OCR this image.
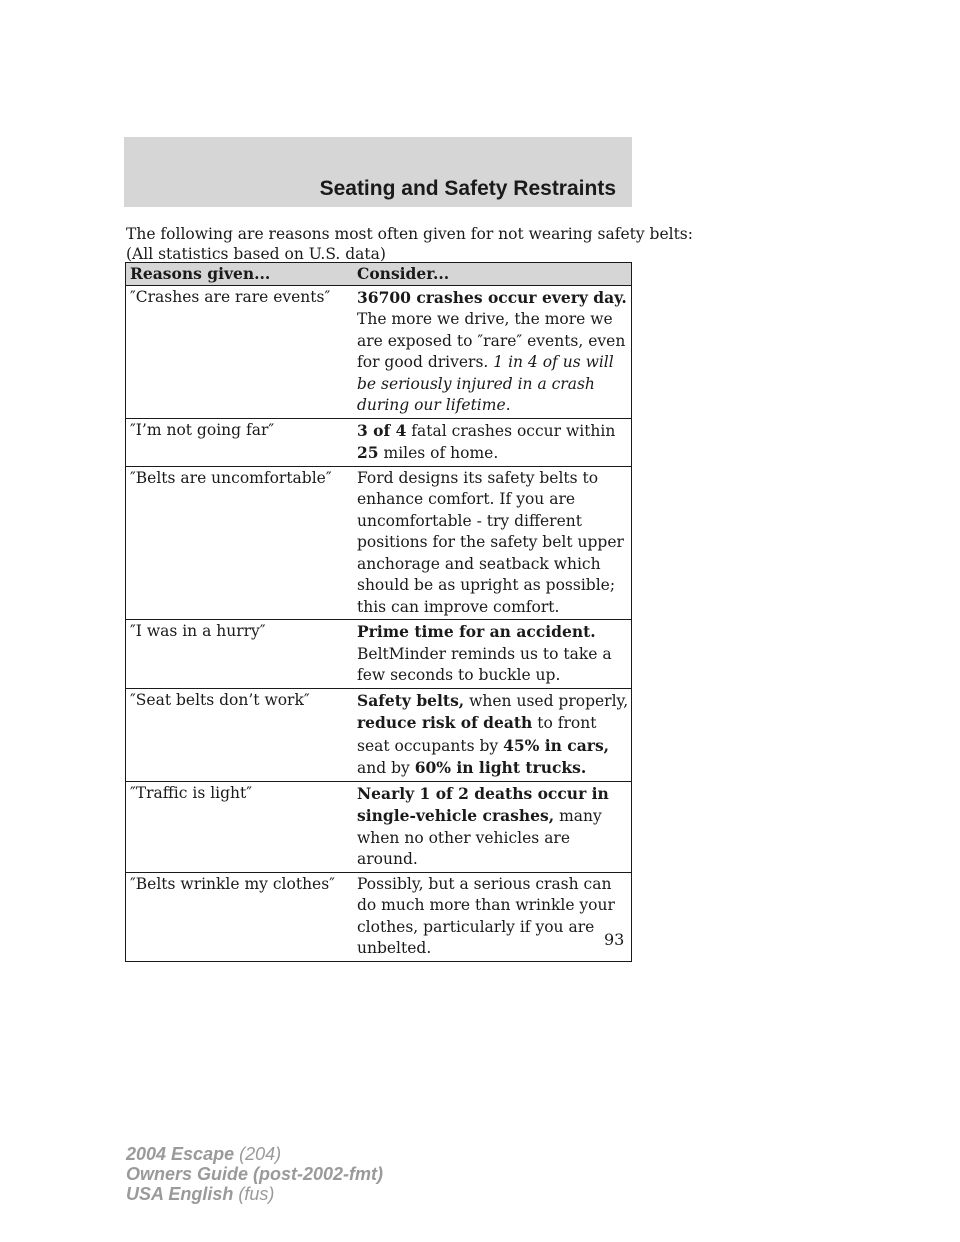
Seating and Safety Restraints
The following are reasons most often given for not wearing safety belts:
(All statistics based on U.S. data)
Reasons given...	Consider...
″Crashes are rare events″	36700 crashes occur every day. The more we drive, the more we are exposed to ″rare″ events, even for good drivers. 1 in 4 of us will be seriously injured in a crash during our lifetime.
″I’m not going far″	3 of 4 fatal crashes occur within 25 miles of home.
″Belts are uncomfortable″	Ford designs its safety belts to enhance comfort. If you are uncomfortable - try different positions for the safety belt upper anchorage and seatback which should be as upright as possible; this can improve comfort.
″I was in a hurry″	Prime time for an accident. BeltMinder reminds us to take a few seconds to buckle up.
″Seat belts don’t work″	Safety belts, when used properly, reduce risk of death to front seat occupants by 45% in cars, and by 60% in light trucks.
″Traffic is light″	Nearly 1 of 2 deaths occur in single-vehicle crashes, many when no other vehicles are around.
″Belts wrinkle my clothes″	Possibly, but a serious crash can do much more than wrinkle your clothes, particularly if you are unbelted.	93
2004 Escape (204)
Owners Guide (post-2002-fmt)
USA English (fus)
